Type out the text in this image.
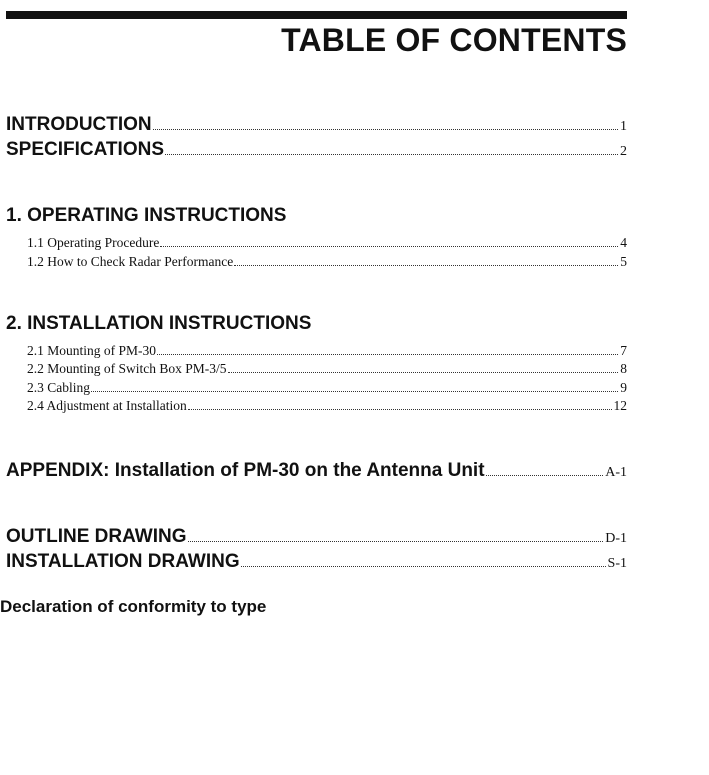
TABLE OF CONTENTS
INTRODUCTION	1
SPECIFICATIONS	2
1. OPERATING INSTRUCTIONS
1.1 Operating Procedure	4
1.2 How to Check Radar Performance	5
2. INSTALLATION INSTRUCTIONS
2.1 Mounting of PM-30	7
2.2 Mounting of Switch Box PM-3/5	8
2.3 Cabling	9
2.4 Adjustment at Installation	12
APPENDIX: Installation of PM-30 on the Antenna Unit	A-1
OUTLINE DRAWING	D-1
INSTALLATION DRAWING	S-1
Declaration of conformity to type
